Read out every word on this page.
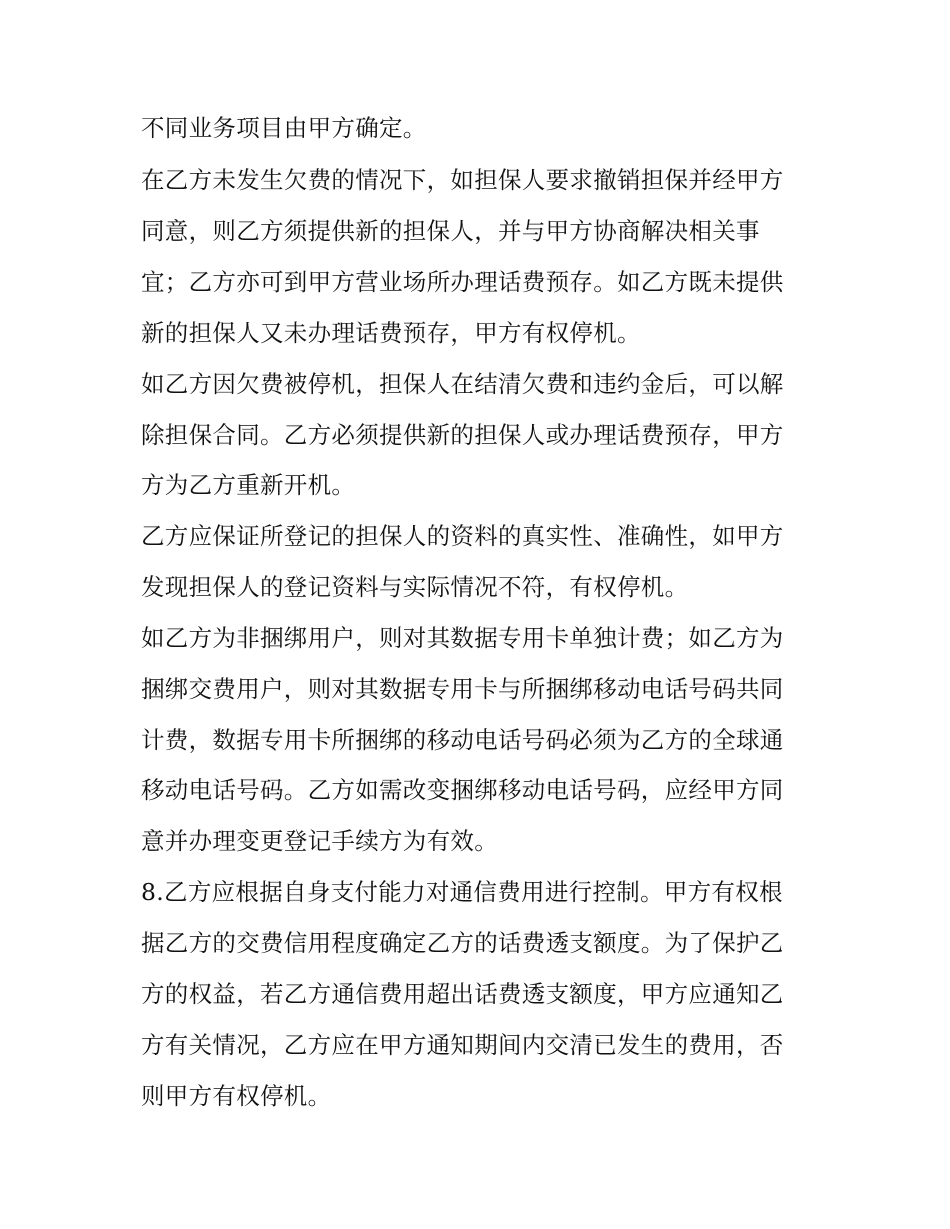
不同业务项目由甲方确定。
在乙方未发生欠费的情况下，如担保人要求撤销担保并经甲方
同意，则乙方须提供新的担保人，并与甲方协商解决相关事
宜；乙方亦可到甲方营业场所办理话费预存。如乙方既未提供
新的担保人又未办理话费预存，甲方有权停机。
如乙方因欠费被停机，担保人在结清欠费和违约金后，可以解
除担保合同。乙方必须提供新的担保人或办理话费预存，甲方
方为乙方重新开机。
乙方应保证所登记的担保人的资料的真实性、准确性，如甲方
发现担保人的登记资料与实际情况不符，有权停机。
如乙方为非捆绑用户，则对其数据专用卡单独计费；如乙方为
捆绑交费用户，则对其数据专用卡与所捆绑移动电话号码共同
计费，数据专用卡所捆绑的移动电话号码必须为乙方的全球通
移动电话号码。乙方如需改变捆绑移动电话号码，应经甲方同
意并办理变更登记手续方为有效。
8.乙方应根据自身支付能力对通信费用进行控制。甲方有权根
据乙方的交费信用程度确定乙方的话费透支额度。为了保护乙
方的权益，若乙方通信费用超出话费透支额度，甲方应通知乙
方有关情况，乙方应在甲方通知期间内交清已发生的费用，否
则甲方有权停机。
